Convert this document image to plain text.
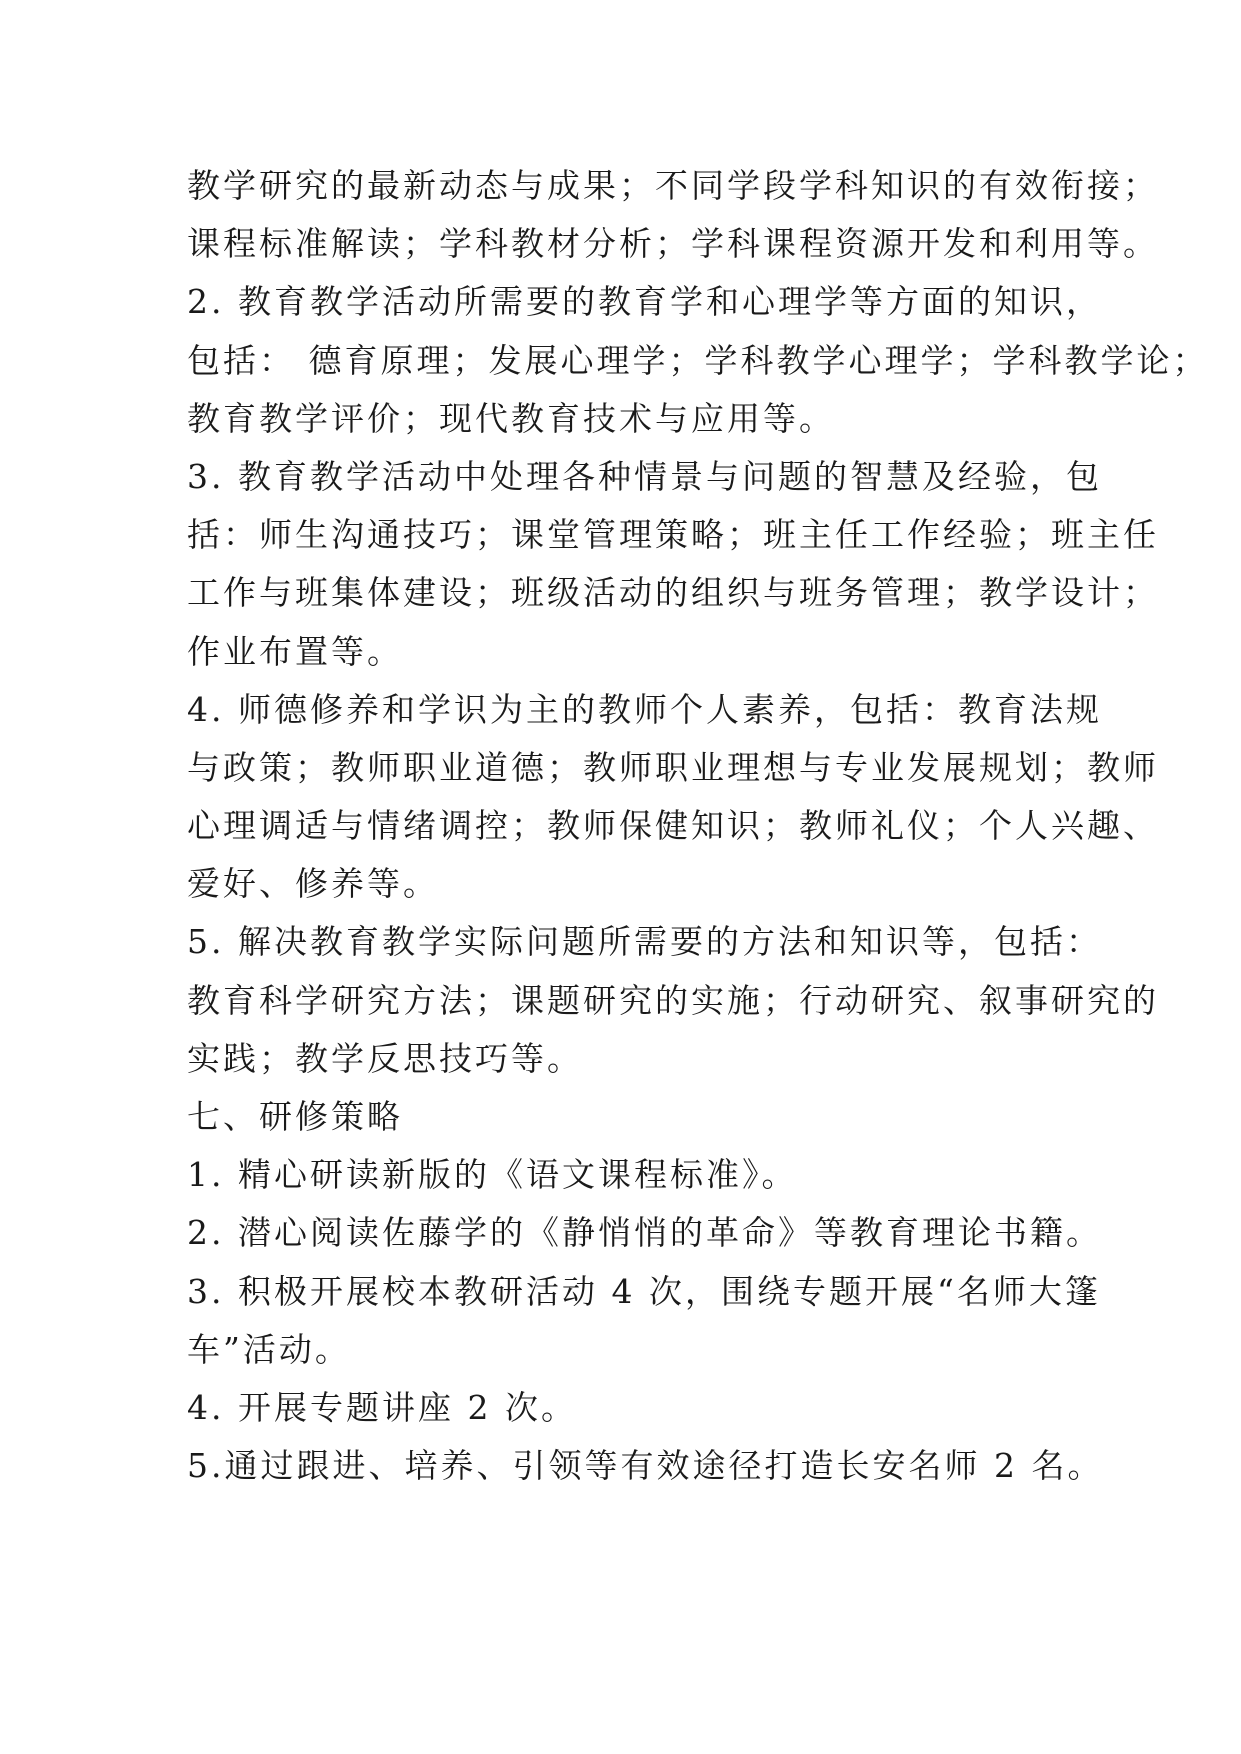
教学研究的最新动态与成果；不同学段学科知识的有效衔接；
课程标准解读；学科教材分析；学科课程资源开发和利用等。
2. 教育教学活动所需要的教育学和心理学等方面的知识，
包括： 德育原理；发展心理学；学科教学心理学；学科教学论；
教育教学评价；现代教育技术与应用等。
3. 教育教学活动中处理各种情景与问题的智慧及经验，包
括：师生沟通技巧；课堂管理策略；班主任工作经验；班主任
工作与班集体建设；班级活动的组织与班务管理；教学设计；
作业布置等。
4. 师德修养和学识为主的教师个人素养，包括：教育法规
与政策；教师职业道德；教师职业理想与专业发展规划；教师
心理调适与情绪调控；教师保健知识；教师礼仪；个人兴趣、
爱好、修养等。
5. 解决教育教学实际问题所需要的方法和知识等，包括：
教育科学研究方法；课题研究的实施；行动研究、叙事研究的
实践；教学反思技巧等。
七、研修策略
1. 精心研读新版的《语文课程标准》。
2. 潜心阅读佐藤学的《静悄悄的革命》等教育理论书籍。
3. 积极开展校本教研活动 4 次，围绕专题开展“名师大篷
车”活动。
4. 开展专题讲座 2 次。
5.通过跟进、培养、引领等有效途径打造长安名师 2 名。
